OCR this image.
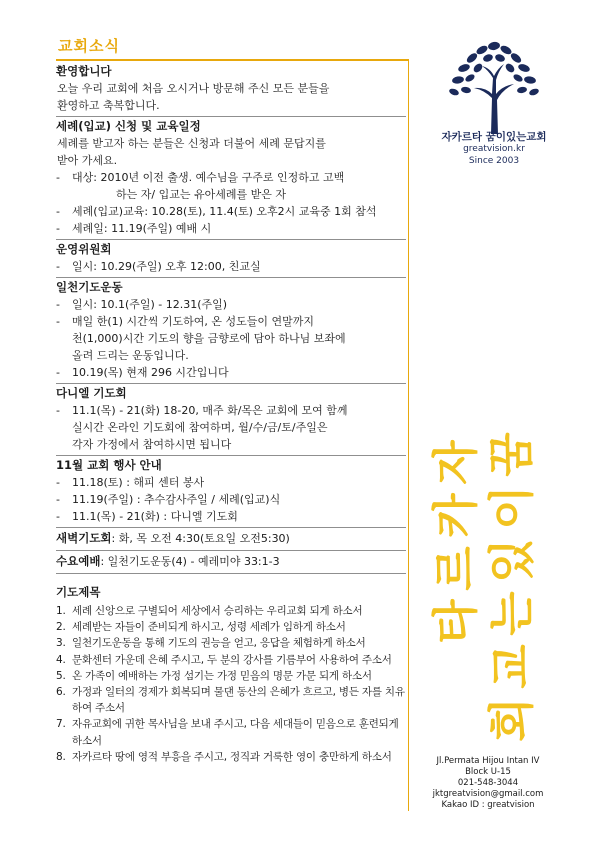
교회소식
환영합니다
오늘 우리 교회에 처음 오시거나 방문해 주신 모든 분들을
환영하고 축복합니다.
세례(입교) 신청 및 교육일정
세례를 받고자 하는 분들은 신청과 더불어 세례 문답지를
받아 가세요.
-	대상: 2010년 이전 출생. 예수님을 구주로 인정하고 고백
하는 자/ 입교는 유아세례를 받은 자
-	세례(입교)교육: 10.28(토), 11.4(토) 오후2시 교육중 1회 참석
-	세례일: 11.19(주일) 예배 시
운영위원회
-	일시: 10.29(주일) 오후 12:00, 친교실
일천기도운동
-	일시: 10.1(주일) - 12.31(주일)
-	매일 한(1) 시간씩 기도하여, 온 성도들이 연말까지
천(1,000)시간 기도의 향을 금향로에 담아 하나님 보좌에
올려 드리는 운동입니다.
-	10.19(목) 현재 296 시간입니다
다니엘 기도회
-	11.1(목) - 21(화) 18-20, 매주 화/목은 교회에 모여 함께
실시간 온라인 기도회에 참여하며, 월/수/금/토/주일은
각자 가정에서 참여하시면 됩니다
11월 교회 행사 안내
-	11.18(토) : 해피 센터 봉사
-	11.19(주일) : 추수감사주일 / 세례(입교)식
-	11.1(목) - 21(화) : 다니엘 기도회
새벽기도회: 화, 목 오전 4:30(토요일 오전5:30)
수요예배: 일천기도운동(4) - 예레미야 33:1-3
기도제목
1. 세례 신앙으로 구별되어 세상에서 승리하는 우리교회 되게 하소서
2. 세례받는 자들이 준비되게 하시고, 성령 세례가 임하게 하소서
3. 일천기도운동을 통해 기도의 권능을 얻고, 응답을 체험하게 하소서
4. 문화센터 가운데 은혜 주시고, 두 분의 강사를 기름부어 사용하여 주소서
5. 온 가족이 예배하는 가정 섬기는 가정 믿음의 명문 가문 되게 하소서
6. 가정과 일터의 경제가 회복되며 물댄 동산의 은혜가 흐르고, 병든 자를 치유하여 주소서
7. 자유교회에 귀한 목사님을 보내 주시고, 다음 세대들이 믿음으로 훈련되게 하소서
8. 자카르타 땅에 영적 부흥을 주시고, 정직과 거룩한 영이 충만하게 하소서
자카르타 꿈이있는교회
greatvision.kr
Since 2003
자
카
르
타
꿈
이
있
는
교
회
Jl.Permata Hijou Intan IV
Block U-15
021-548-3044
jktgreatvision@gmail.com
Kakao ID : greatvision
